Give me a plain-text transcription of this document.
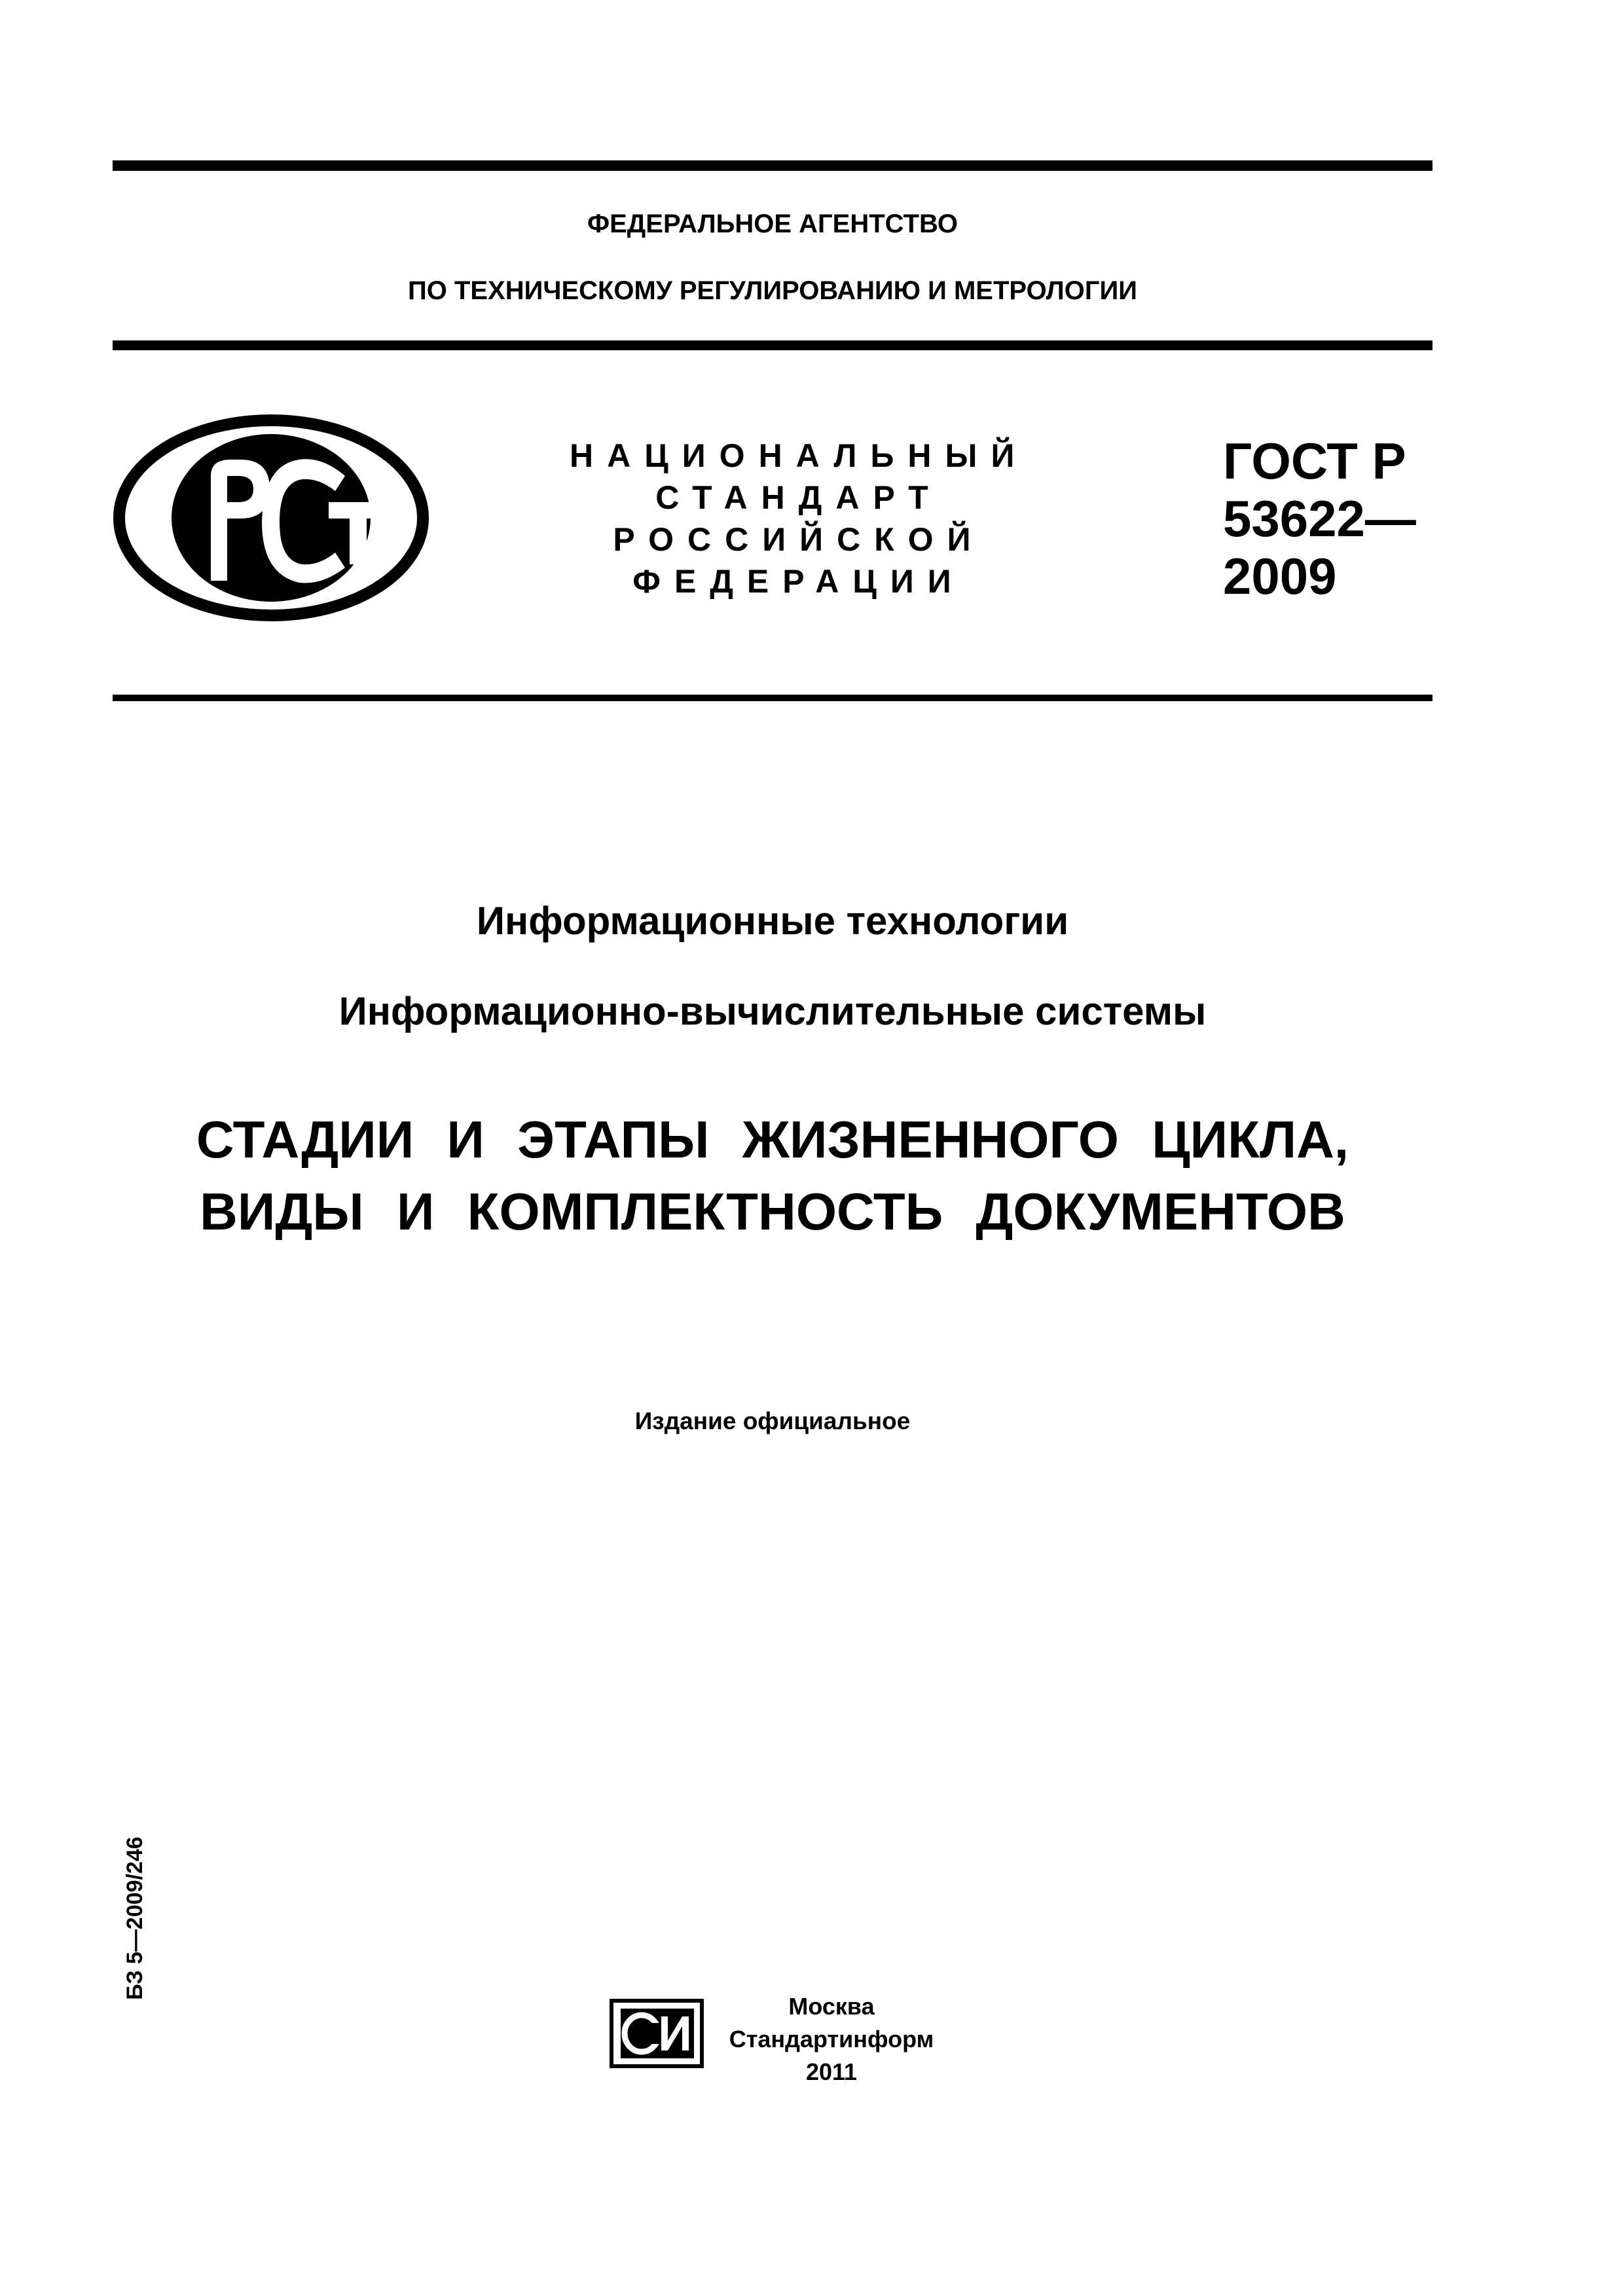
ФЕДЕРАЛЬНОЕ АГЕНТСТВО
ПО ТЕХНИЧЕСКОМУ РЕГУЛИРОВАНИЮ И МЕТРОЛОГИИ
НАЦИОНАЛЬНЫЙ
СТАНДАРТ
РОССИЙСКОЙ
ФЕДЕРАЦИИ
ГОСТ Р
53622—
2009
Информационные технологии
Информационно-вычислительные системы
СТАДИИ И ЭТАПЫ ЖИЗНЕННОГО ЦИКЛА,
ВИДЫ И КОМПЛЕКТНОСТЬ ДОКУМЕНТОВ
Издание официальное
БЗ 5—2009/246
Москва
Стандартинформ
2011
